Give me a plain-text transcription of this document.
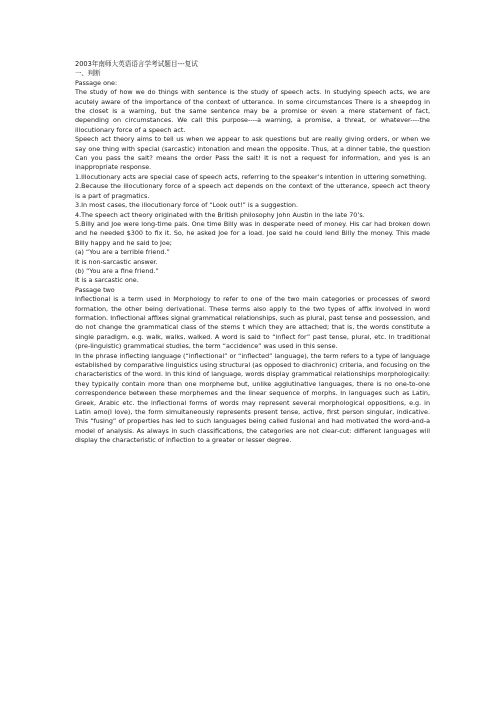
2003年南师大英语语言学考试题目---复试

一、判断

Passage one:

The study of how we do things with sentence is the study of speech acts. In studying speech acts, we are acutely aware of the importance of the context of utterance. In some circumstances There is a sheepdog in the closet is a warning, but the same sentence may be a promise or even a mere statement of fact, depending on circumstances. We call this purpose----a warning, a promise, a threat, or whatever----the illocutionary force of a speech act.

Speech act theory aims to tell us when we appear to ask questions but are really giving orders, or when we say one thing with special (sarcastic) intonation and mean the opposite. Thus, at a dinner table, the question Can you pass the salt? means the order Pass the salt! It is not a request for information, and yes is an inappropriate response.

1.Illocutionary acts are special case of speech acts, referring to the speaker’s intention in uttering something.

2.Because the illocutionary force of a speech act depends on the context of the utterance, speech act theory is a part of pragmatics.

3.In most cases, the illocutionary force of “Look out!” is a suggestion.

4.The speech act theory originated with the British philosophy John Austin in the late 70’s.

5.Billy and Joe were long-time pals. One time Billy was in desperate need of money. His car had broken down and he needed $300 to fix it. So, he asked Joe for a load. Joe said he could lend Billy the money. This made Billy happy and he said to Joe;

(a) “You are a terrible friend.”

It is non-sarcastic answer.

(b) “You are a fine friend.”

It is a sarcastic one.

Passage two

Inflectional is a term used in Morphology to refer to one of the two main categories or processes of sword formation, the other being derivational. These terms also apply to the two types of affix involved in word formation. Inflectional affixes signal grammatical relationships, such as plural, past tense and possession, and do not change the grammatical class of the stems t which they are attached; that is, the words constitute a single paradigm, e.g. walk, walks, walked. A word is said to “inflect for” past tense, plural, etc. In traditional (pre-linguistic) grammatical studies, the term “accidence” was used in this sense.

In the phrase inflecting language (“inflectional” or “inflected” language), the term refers to a type of language established by comparative linguistics using structural (as opposed to diachronic) criteria, and focusing on the characteristics of the word. In this kind of language, words display grammatical relationships morphologically: they typically contain more than one morpheme but, unlike agglutinative languages, there is no one-to-one correspondence between these morphemes and the linear sequence of morphs. In languages such as Latin, Greek, Arabic etc. the inflectional forms of words may represent several morphological oppositions, e.g. in Latin amo(I love), the form simultaneously represents present tense, active, first person singular, indicative. This “fusing” of properties has led to such languages being called fusional and had motivated the word-and-a model of analysis. As always in such classifications, the categories are not clear-cut: different languages will display the characteristic of inflection to a greater or lesser degree.
